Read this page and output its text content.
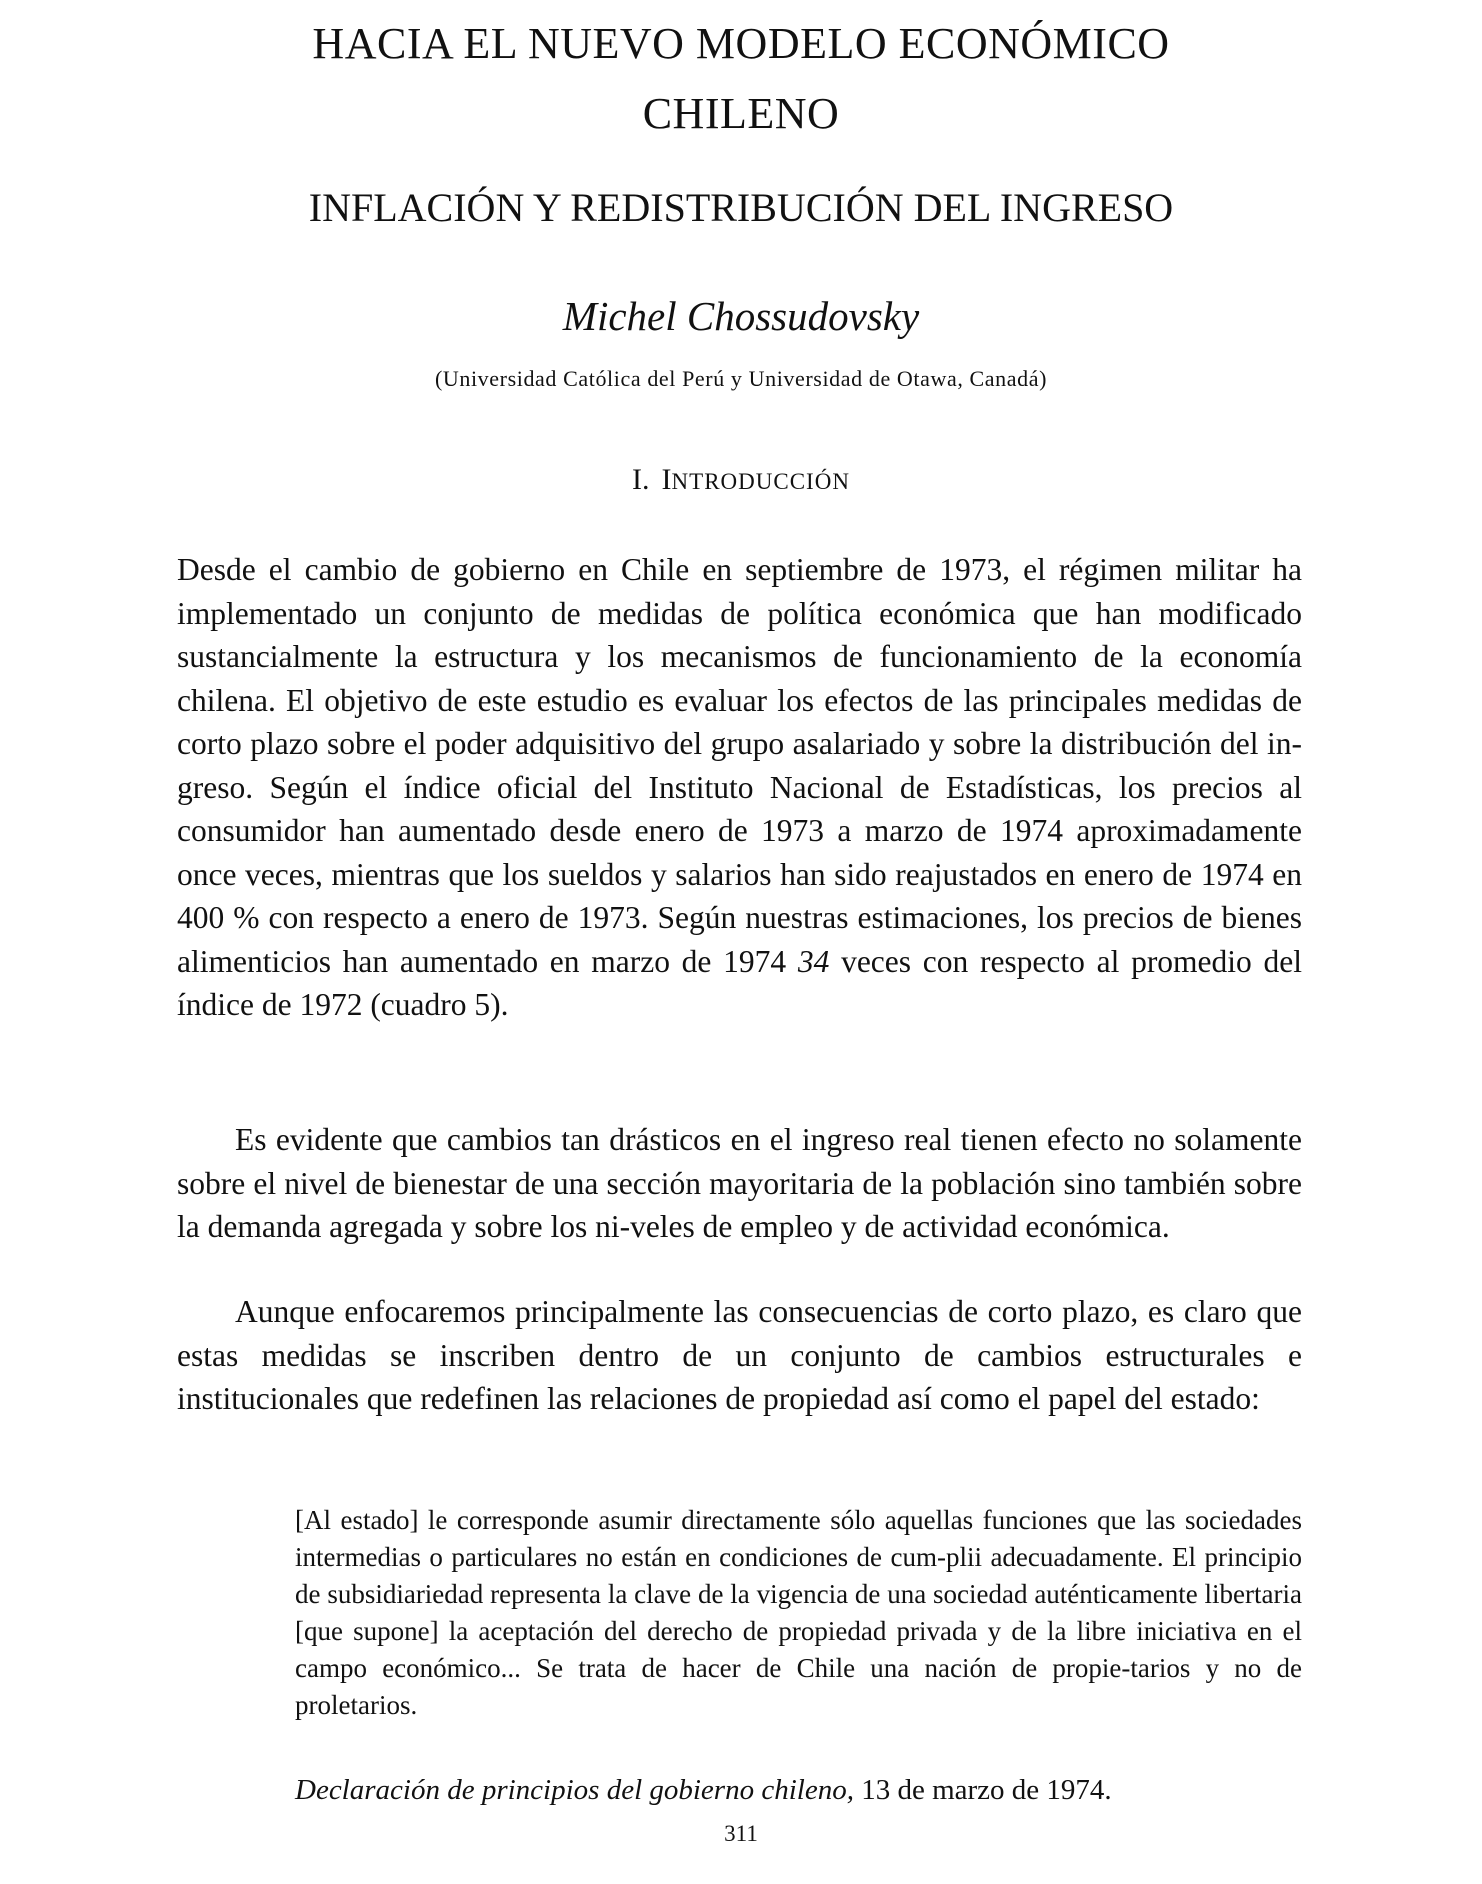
HACIA EL NUEVO MODELO ECONÓMICO
CHILENO
INFLACIÓN Y REDISTRIBUCIÓN DEL INGRESO
Michel Chossudovsky
(Universidad Católica del Perú y Universidad de Otawa, Canadá)
I. INTRODUCCIÓN

Desde el cambio de gobierno en Chile en septiembre de 1973, el régimen militar ha implementado un conjunto de medidas de política económica que han modificado sustancialmente la estructura y los mecanismos de funcionamiento de la economía chilena. El objetivo de este estudio es evaluar los efectos de las principales medidas de corto plazo sobre el poder adquisitivo del grupo asalariado y sobre la distribución del in-greso. Según el índice oficial del Instituto Nacional de Estadísticas, los precios al consumidor han aumentado desde enero de 1973 a marzo de 1974 aproximadamente once veces, mientras que los sueldos y salarios han sido reajustados en enero de 1974 en 400 % con respecto a enero de 1973. Según nuestras estimaciones, los precios de bienes alimenticios han aumentado en marzo de 1974 34 veces con respecto al promedio del índice de 1972 (cuadro 5).

Es evidente que cambios tan drásticos en el ingreso real tienen efecto no solamente sobre el nivel de bienestar de una sección mayoritaria de la población sino también sobre la demanda agregada y sobre los ni-veles de empleo y de actividad económica.

Aunque enfocaremos principalmente las consecuencias de corto plazo, es claro que estas medidas se inscriben dentro de un conjunto de cambios estructurales e institucionales que redefinen las relaciones de propiedad así como el papel del estado:

[Al estado] le corresponde asumir directamente sólo aquellas funciones que las sociedades intermedias o particulares no están en condiciones de cum-plii adecuadamente. El principio de subsidiariedad representa la clave de la vigencia de una sociedad auténticamente libertaria [que supone] la aceptación del derecho de propiedad privada y de la libre iniciativa en el campo económico... Se trata de hacer de Chile una nación de propie-tarios y no de proletarios.

Declaración de principios del gobierno chileno, 13 de marzo de 1974.

311
